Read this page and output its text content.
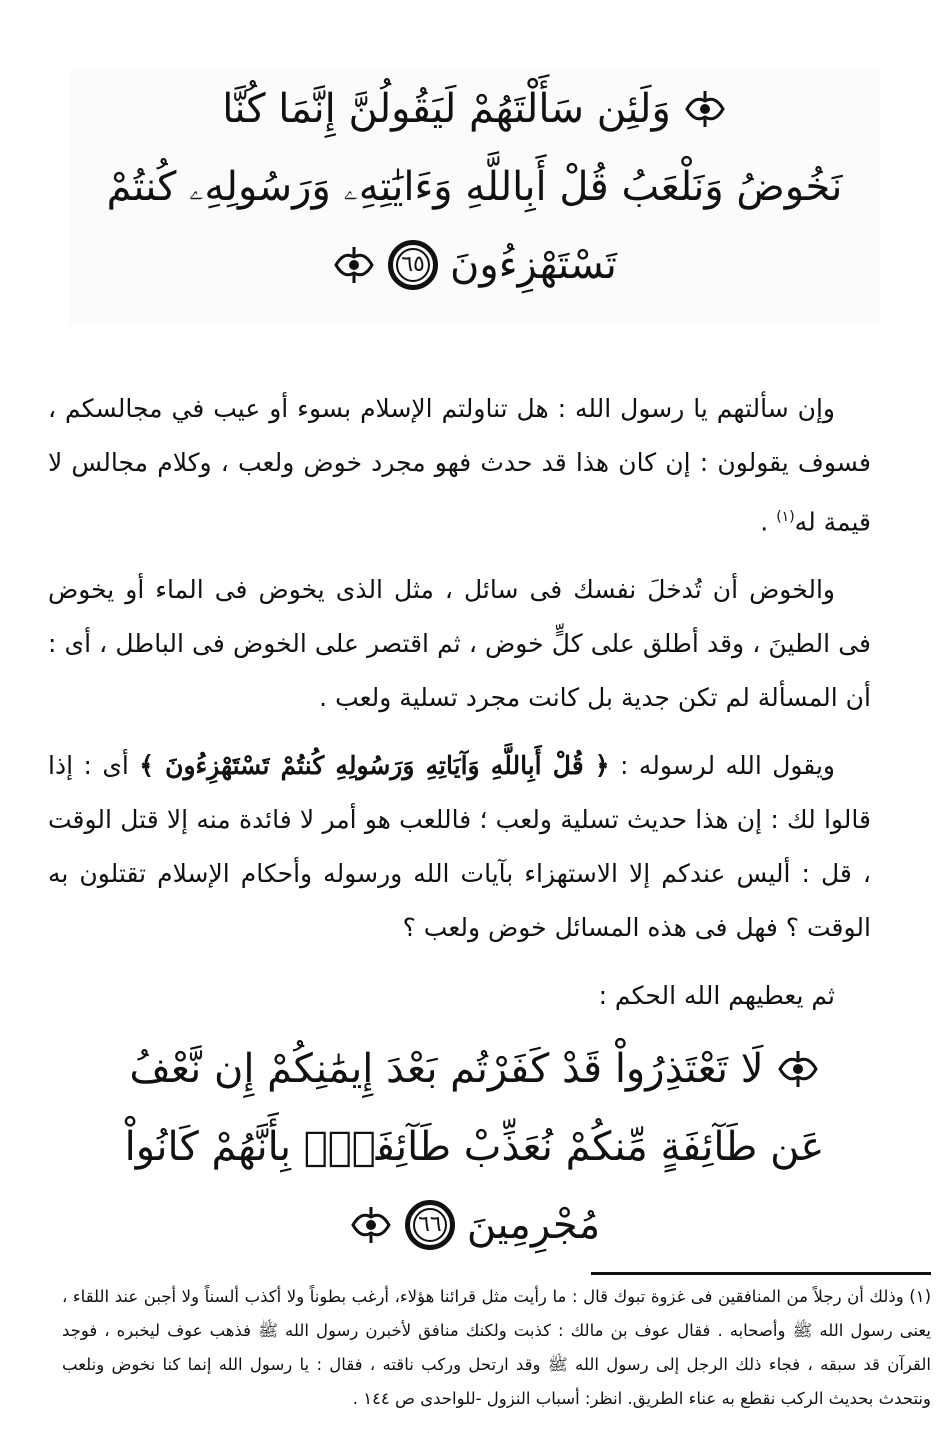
وَلَئِن سَأَلْتَهُمْ لَيَقُولُنَّ إِنَّمَا كُنَّا
نَخُوضُ وَنَلْعَبُ قُلْ أَبِاللَّهِ وَءَايَٰتِهِۦ وَرَسُولِهِۦ كُنتُمْ
تَسْتَهْزِءُونَ
٦٥

وإن سألتهم يا رسول الله : هل تناولتم الإسلام بسوء أو عيب في مجالسكم ، فسوف يقولون : إن كان هذا قد حدث فهو مجرد خوض ولعب ، وكلام مجالس لا قيمة له$^{(١)}$ .

والخوض أن تُدخلَ نفسك فى سائل ، مثل الذى يخوض فى الماء أو يخوض فى الطينَ ، وقد أطلق على كلٍّ خوض ، ثم اقتصر على الخوض فى الباطل ، أى : أن المسألة لم تكن جدية بل كانت مجرد تسلية ولعب .

ويقول الله لرسوله : ﴿ قُلْ أَبِاللَّهِ وَآيَاتِهِ وَرَسُولِهِ كُنتُمْ تَسْتَهْزِءُونَ ﴾ أى : إذا قالوا لك : إن هذا حديث تسلية ولعب ؛ فاللعب هو أمر لا فائدة منه إلا قتل الوقت ، قل : أليس عندكم إلا الاستهزاء بآيات الله ورسوله وأحكام الإسلام تقتلون به الوقت ؟ فهل فى هذه المسائل خوض ولعب ؟

ثم يعطيهم الله الحكم :

لَا تَعْتَذِرُواْ قَدْ كَفَرْتُم بَعْدَ إِيمَٰنِكُمْ إِن نَّعْفُ
عَن طَآئِفَةٍ مِّنكُمْ نُعَذِّبْ طَآئِفَةًۢ بِأَنَّهُمْ كَانُواْ
مُجْرِمِينَ
٦٦
(١) وذلك أن رجلاً من المنافقين فى غزوة تبوك قال : ما رأيت مثل قرائنا هؤلاء، أرغب بطوناً ولا أكذب ألسناً ولا أجبن عند اللقاء ، يعنى رسول الله ﷺ وأصحابه . فقال عوف بن مالك : كذبت ولكنك منافق لأخبرن رسول الله ﷺ فذهب عوف ليخبره ، فوجد القرآن قد سبقه ، فجاء ذلك الرجل إلى رسول الله ﷺ وقد ارتحل وركب ناقته ، فقال : يا رسول الله إنما كنا نخوض ونلعب ونتحدث بحديث الركب نقطع به عناء الطريق. انظر: أسباب النزول -للواحدى ص ١٤٤ .
